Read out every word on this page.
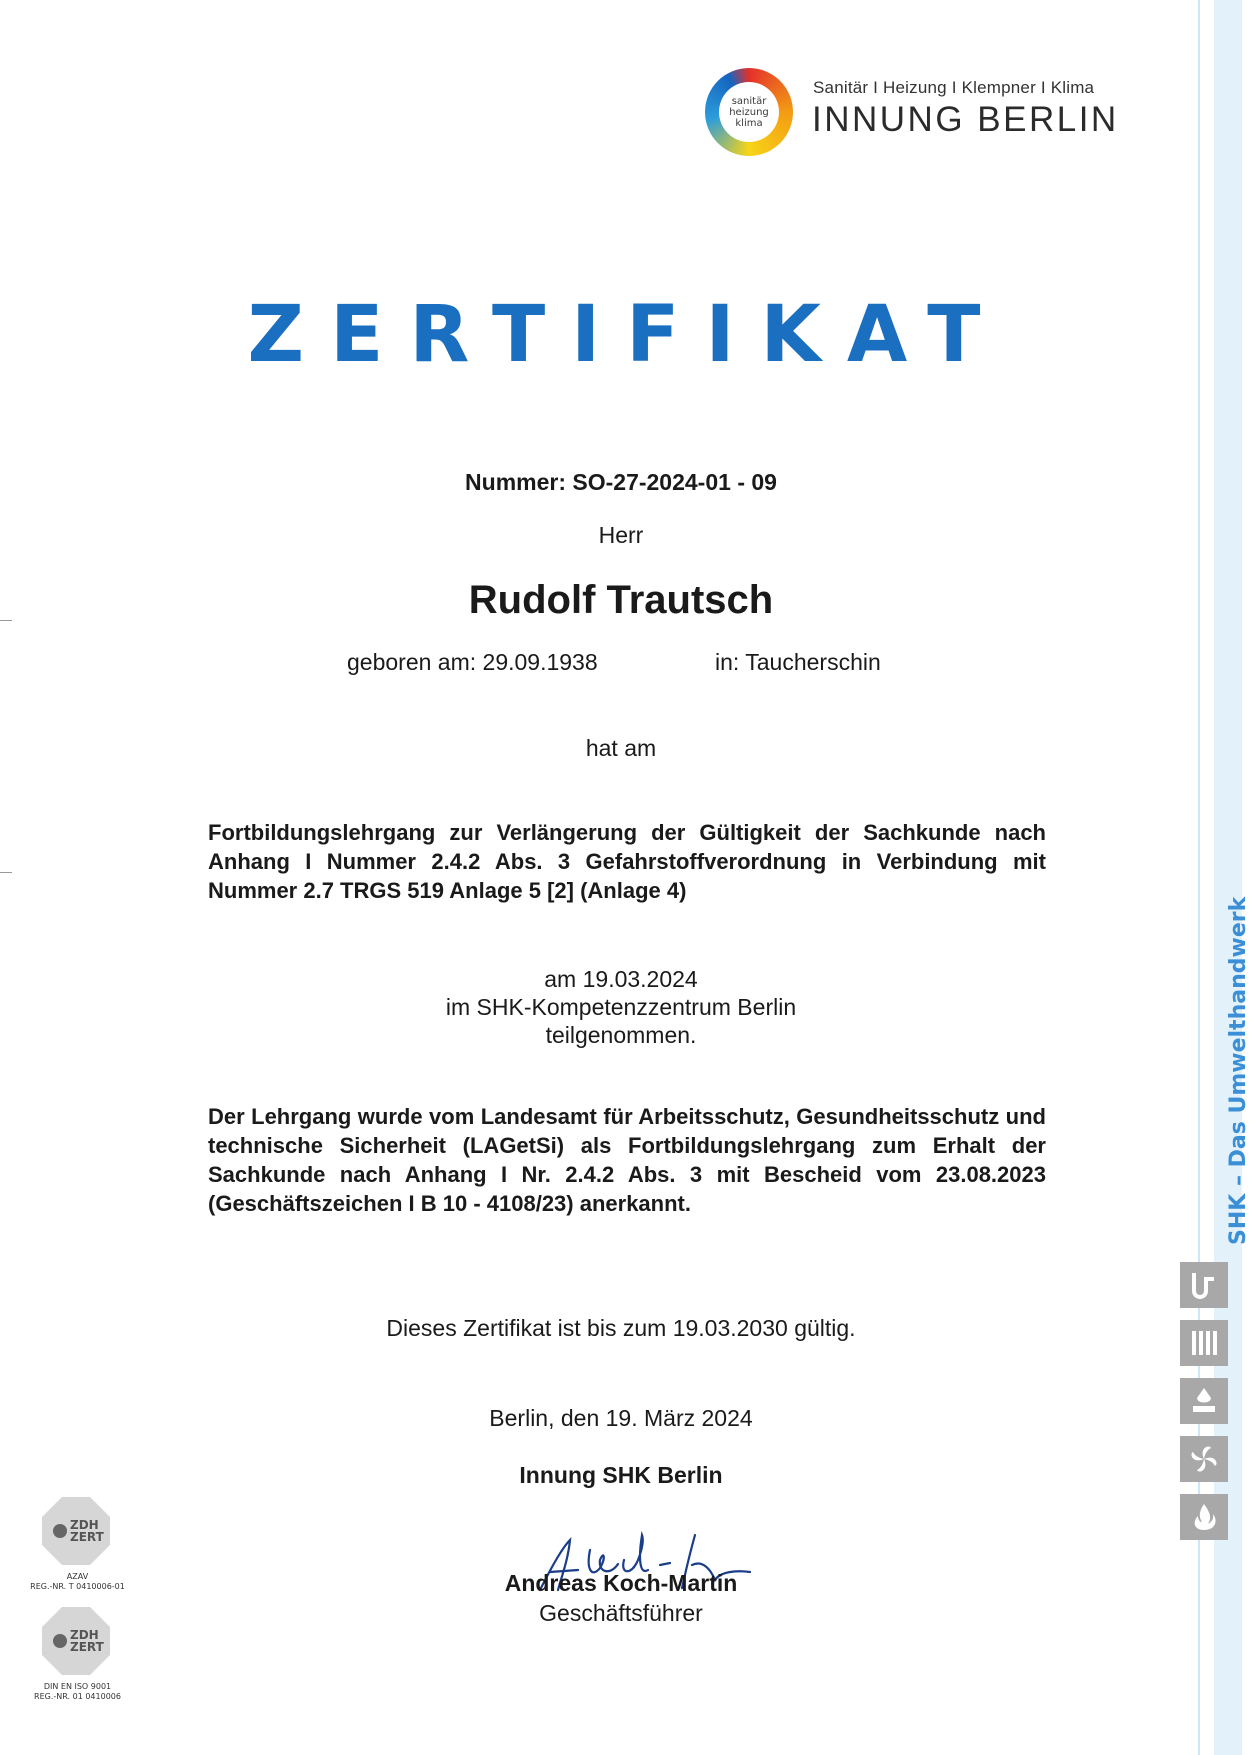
sanitär
heizung
klima
Sanitär I Heizung I Klempner I Klima
INNUNG BERLIN
ZERTIFIKAT
Nummer: SO-27-2024-01 - 09
Herr
Rudolf Trautsch
geboren am: 29.09.1938	in: Taucherschin
hat am
Fortbildungslehrgang zur Verlängerung der Gültigkeit der Sachkunde nach Anhang I Nummer 2.4.2 Abs. 3 Gefahrstoffverordnung in Verbindung mit Nummer 2.7 TRGS 519 Anlage 5 [2] (Anlage 4)
am 19.03.2024
im SHK-Kompetenzzentrum Berlin
teilgenommen.
Der Lehrgang wurde vom Landesamt für Arbeitsschutz, Gesundheitsschutz und technische Sicherheit (LAGetSi) als Fortbildungslehrgang zum Erhalt der Sachkunde nach Anhang I Nr. 2.4.2 Abs. 3 mit Bescheid vom 23.08.2023 (Geschäftszeichen I B 10 - 4108/23) anerkannt.
Dieses Zertifikat ist bis zum 19.03.2030 gültig.
Berlin, den 19. März 2024
Innung SHK Berlin
Andreas Koch-Martin
Geschäftsführer
SHK – Das Umwelthandwerk
ZDH
ZERT
AZAV
REG.-NR. T 0410006-01
ZDH
ZERT
DIN EN ISO 9001
REG.-NR. 01 0410006
